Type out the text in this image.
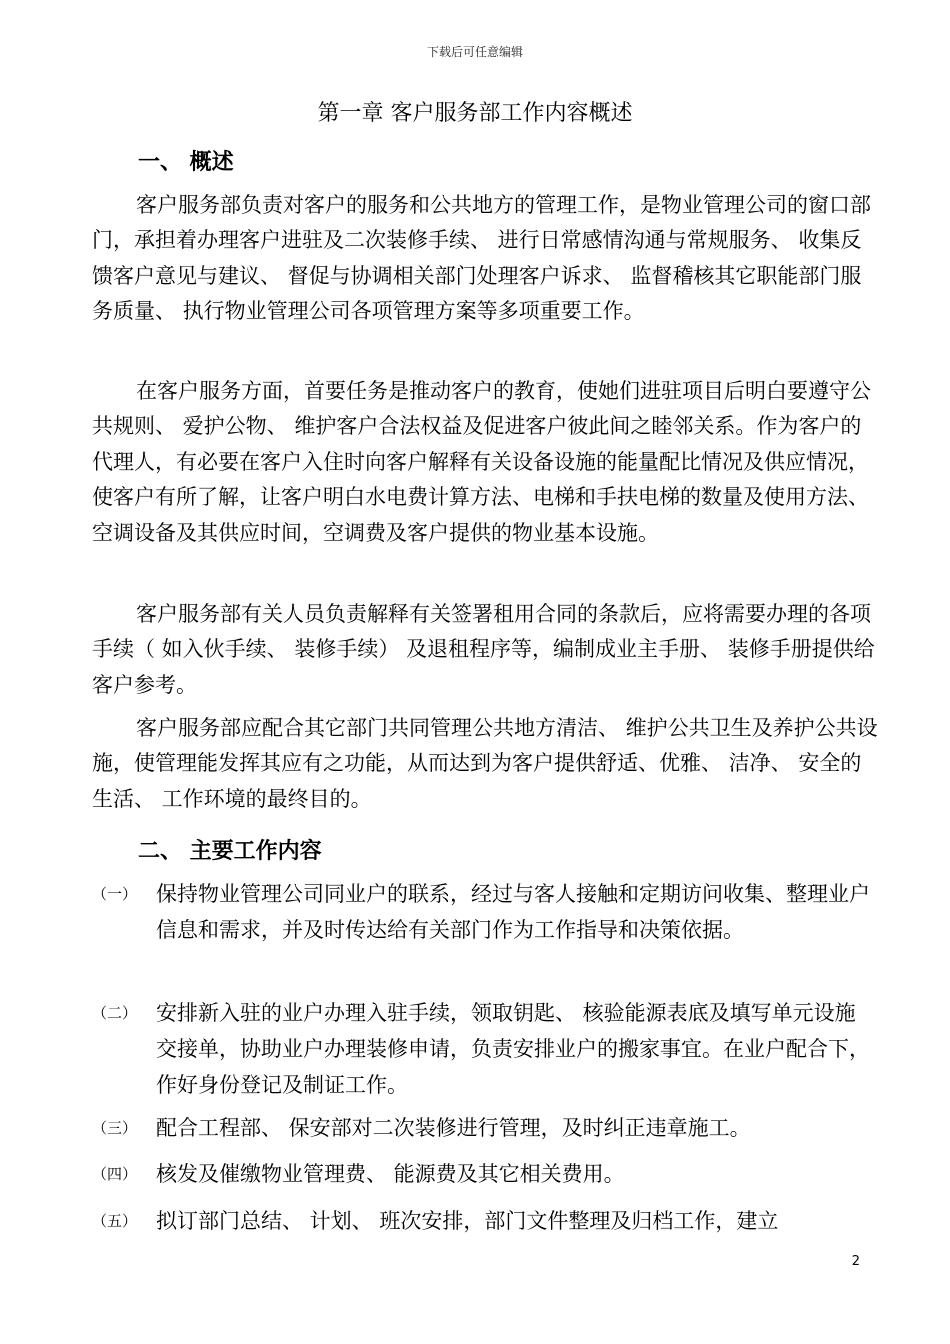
下载后可任意编辑
第一章 客户服务部工作内容概述
一、 概述

客户服务部负责对客户的服务和公共地方的管理工作，是物业管理公司的窗口部门，承担着办理客户进驻及二次装修手续、 进行日常感情沟通与常规服务、 收集反馈客户意见与建议、 督促与协调相关部门处理客户诉求、 监督稽核其它职能部门服务质量、 执行物业管理公司各项管理方案等多项重要工作。

在客户服务方面，首要任务是推动客户的教育，使她们进驻项目后明白要遵守公共规则、 爱护公物、 维护客户合法权益及促进客户彼此间之睦邻关系。作为客户的代理人，有必要在客户入住时向客户解释有关设备设施的能量配比情况及供应情况，使客户有所了解，让客户明白水电费计算方法、电梯和手扶电梯的数量及使用方法、 空调设备及其供应时间，空调费及客户提供的物业基本设施。

客户服务部有关人员负责解释有关签署租用合同的条款后，应将需要办理的各项手续（ 如入伙手续、 装修手续） 及退租程序等，编制成业主手册、 装修手册提供给客户参考。

客户服务部应配合其它部门共同管理公共地方清洁、 维护公共卫生及养护公共设施，使管理能发挥其应有之功能，从而达到为客户提供舒适、优雅、 洁净、 安全的生活、 工作环境的最终目的。

二、 主要工作内容
（一） 保持物业管理公司同业户的联系，经过与客人接触和定期访问收集、整理业户信息和需求，并及时传达给有关部门作为工作指导和决策依据。

（二） 安排新入驻的业户办理入驻手续，领取钥匙、 核验能源表底及填写单元设施交接单，协助业户办理装修申请，负责安排业户的搬家事宜。在业户配合下，作好身份登记及制证工作。

（三） 配合工程部、 保安部对二次装修进行管理，及时纠正违章施工。

（四） 核发及催缴物业管理费、 能源费及其它相关费用。

（五） 拟订部门总结、 计划、 班次安排，部门文件整理及归档工作，建立

2
